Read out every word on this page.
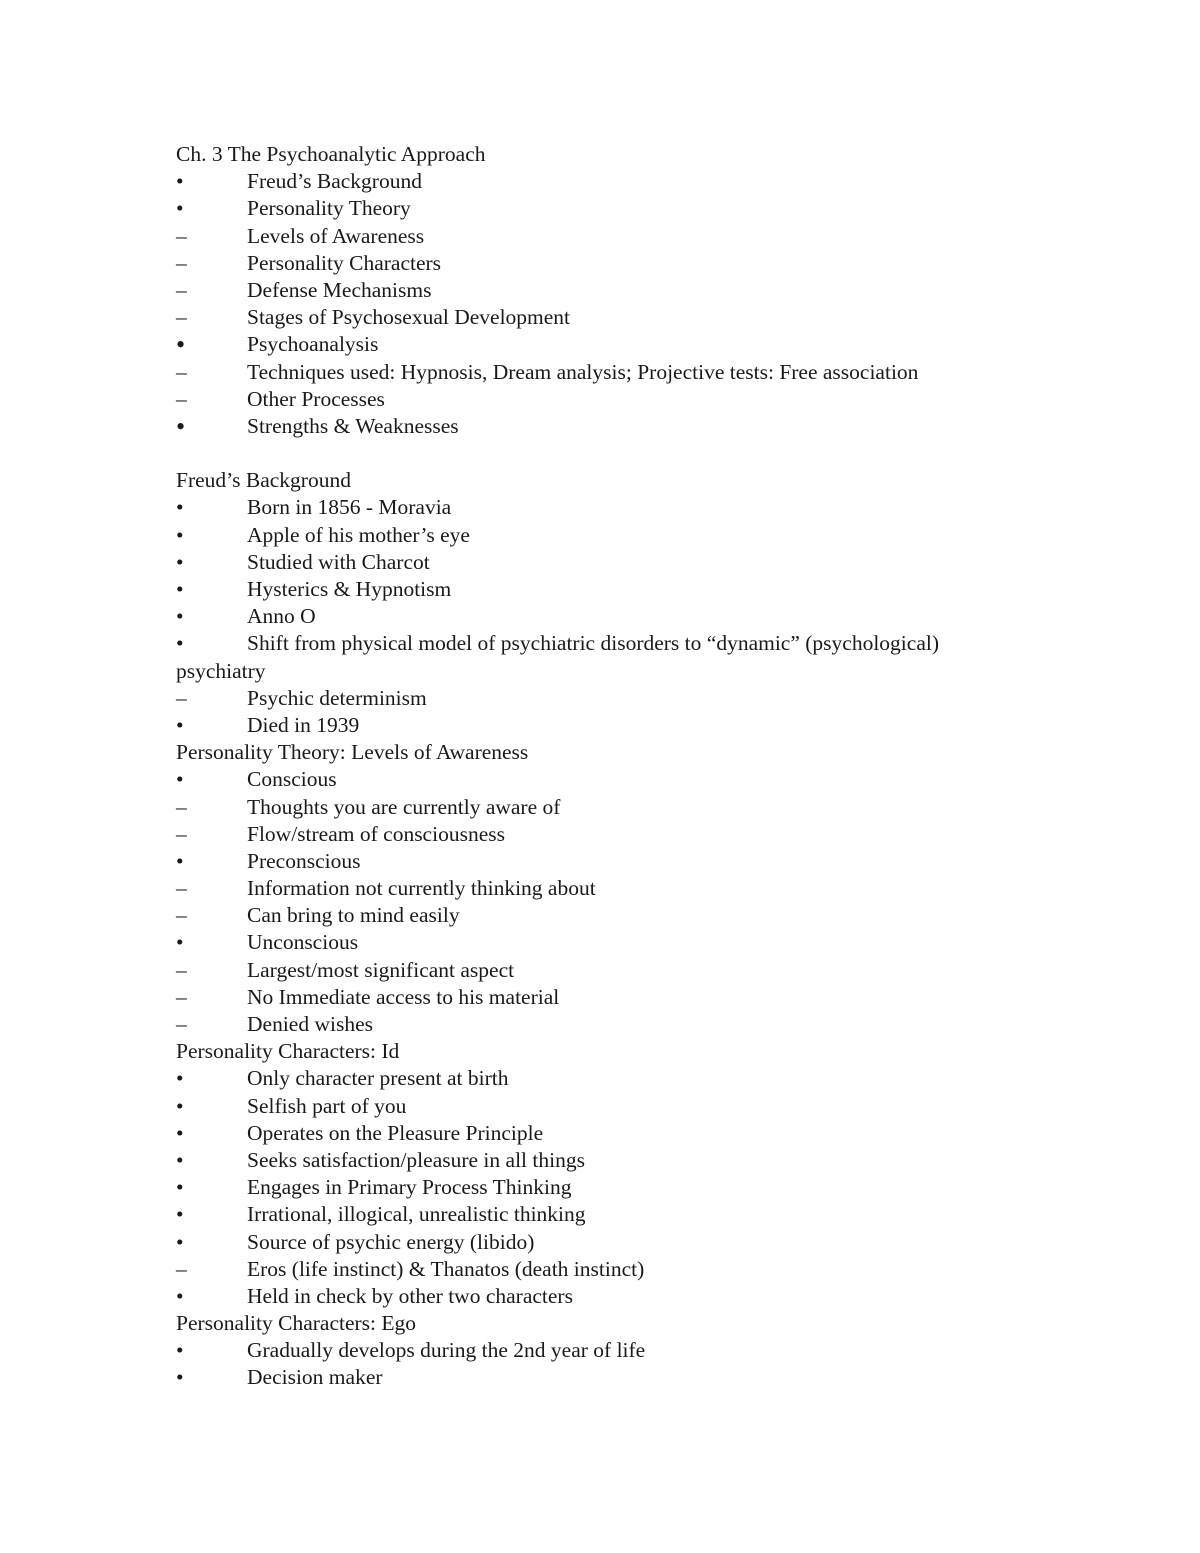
Ch. 3 The Psychoanalytic Approach
•	Freud’s Background
•	Personality Theory
–	Levels of Awareness
–	Personality Characters
–	Defense Mechanisms
–	Stages of Psychosexual Development
•	Psychoanalysis
–	Techniques used: Hypnosis, Dream analysis; Projective tests: Free association
–	Other Processes
•	Strengths & Weaknesses
Freud’s Background
•	Born in 1856 - Moravia
•	Apple of his mother’s eye
•	Studied with Charcot
•	Hysterics & Hypnotism
•	Anno O
•	Shift from physical model of psychiatric disorders to “dynamic” (psychological)
psychiatry
–	Psychic determinism
•	Died in 1939
Personality Theory: Levels of Awareness
•	Conscious
–	Thoughts you are currently aware of
–	Flow/stream of consciousness
•	Preconscious
–	Information not currently thinking about
–	Can bring to mind easily
•	Unconscious
–	Largest/most significant aspect
–	No Immediate access to his material
–	Denied wishes
Personality Characters: Id
•	Only character present at birth
•	Selfish part of you
•	Operates on the Pleasure Principle
•	Seeks satisfaction/pleasure in all things
•	Engages in Primary Process Thinking
•	Irrational, illogical, unrealistic thinking
•	Source of psychic energy (libido)
–	Eros (life instinct) & Thanatos (death instinct)
•	Held in check by other two characters
Personality Characters: Ego
•	Gradually develops during the 2nd year of life
•	Decision maker
